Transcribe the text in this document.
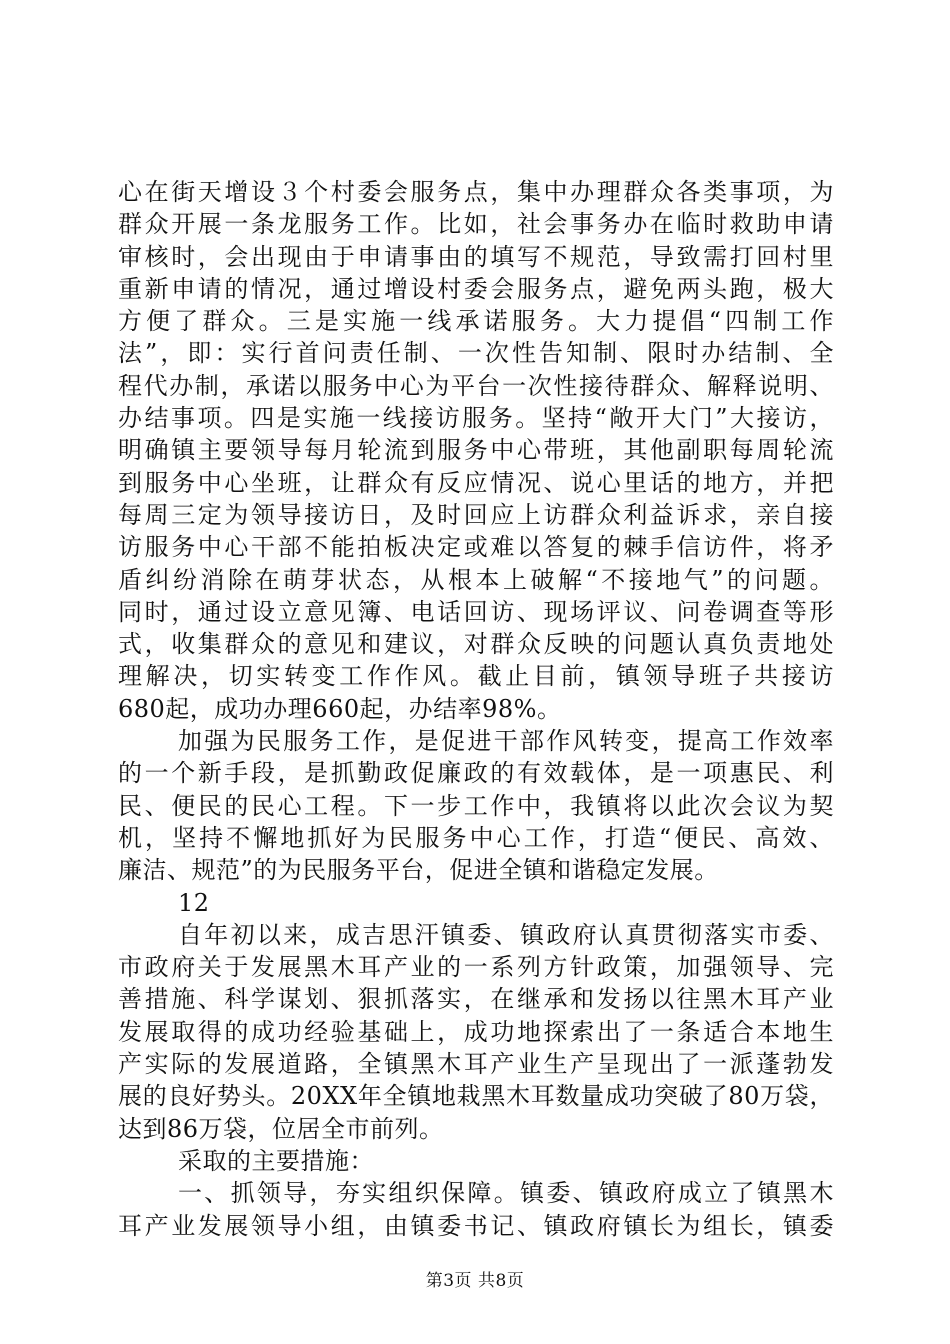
心在街天增设３个村委会服务点，集中办理群众各类事项，为
群众开展一条龙服务工作。比如，社会事务办在临时救助申请
审核时，会出现由于申请事由的填写不规范，导致需打回村里
重新申请的情况，通过增设村委会服务点，避免两头跑，极大
方便了群众。三是实施一线承诺服务。大力提倡“四制工作
法”，即：实行首问责任制、一次性告知制、限时办结制、全
程代办制，承诺以服务中心为平台一次性接待群众、解释说明、
办结事项。四是实施一线接访服务。坚持“敞开大门”大接访，
明确镇主要领导每月轮流到服务中心带班，其他副职每周轮流
到服务中心坐班，让群众有反应情况、说心里话的地方，并把
每周三定为领导接访日，及时回应上访群众利益诉求，亲自接
访服务中心干部不能拍板决定或难以答复的棘手信访件，将矛
盾纠纷消除在萌芽状态，从根本上破解“不接地气”的问题。
同时，通过设立意见簿、电话回访、现场评议、问卷调查等形
式，收集群众的意见和建议，对群众反映的问题认真负责地处
理解决，切实转变工作作风。截止目前，镇领导班子共接访
680起，成功办理660起，办结率98%。
加强为民服务工作，是促进干部作风转变，提高工作效率
的一个新手段，是抓勤政促廉政的有效载体，是一项惠民、利
民、便民的民心工程。下一步工作中，我镇将以此次会议为契
机，坚持不懈地抓好为民服务中心工作，打造“便民、高效、
廉洁、规范”的为民服务平台，促进全镇和谐稳定发展。
12
自年初以来，成吉思汗镇委、镇政府认真贯彻落实市委、
市政府关于发展黑木耳产业的一系列方针政策，加强领导、完
善措施、科学谋划、狠抓落实，在继承和发扬以往黑木耳产业
发展取得的成功经验基础上，成功地探索出了一条适合本地生
产实际的发展道路，全镇黑木耳产业生产呈现出了一派蓬勃发
展的良好势头。20XX年全镇地栽黑木耳数量成功突破了80万袋，
达到86万袋，位居全市前列。
采取的主要措施：
一、抓领导，夯实组织保障。镇委、镇政府成立了镇黑木
耳产业发展领导小组，由镇委书记、镇政府镇长为组长，镇委
第3页 共8页
